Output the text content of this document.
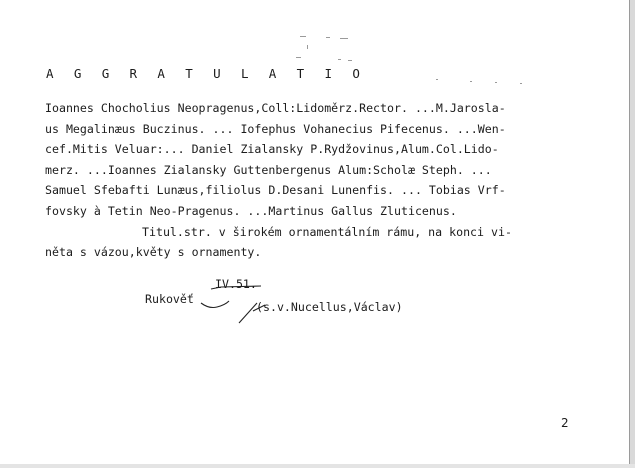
A G G R A T U L A T I O
Ioannes Chocholius Neopragenus,Coll:Lidoměrz.Rector. ...M.Jarosla-
us Megalinæus Buczinus. ... Iofephus Vohanecius Pifecenus. ...Wen-
cef.Mitis Veluar:... Daniel Zialansky P.Rydžovinus,Alum.Col.Lido-
merz. ...Ioannes Zialansky Guttenbergenus Alum:Scholæ Steph. ...
Samuel Sfebafti Lunæus,filiolus D.Desani Lunenfis. ... Tobias Vrf-
fovsky à Tetin Neo-Pragenus. ...Martinus Gallus Zluticenus.
Titul.str. v širokém ornamentálním rámu, na konci vi-
něta s vázou,květy s ornamenty.
Rukověť
IV.51.
(s.v.Nucellus,Václav)
2
